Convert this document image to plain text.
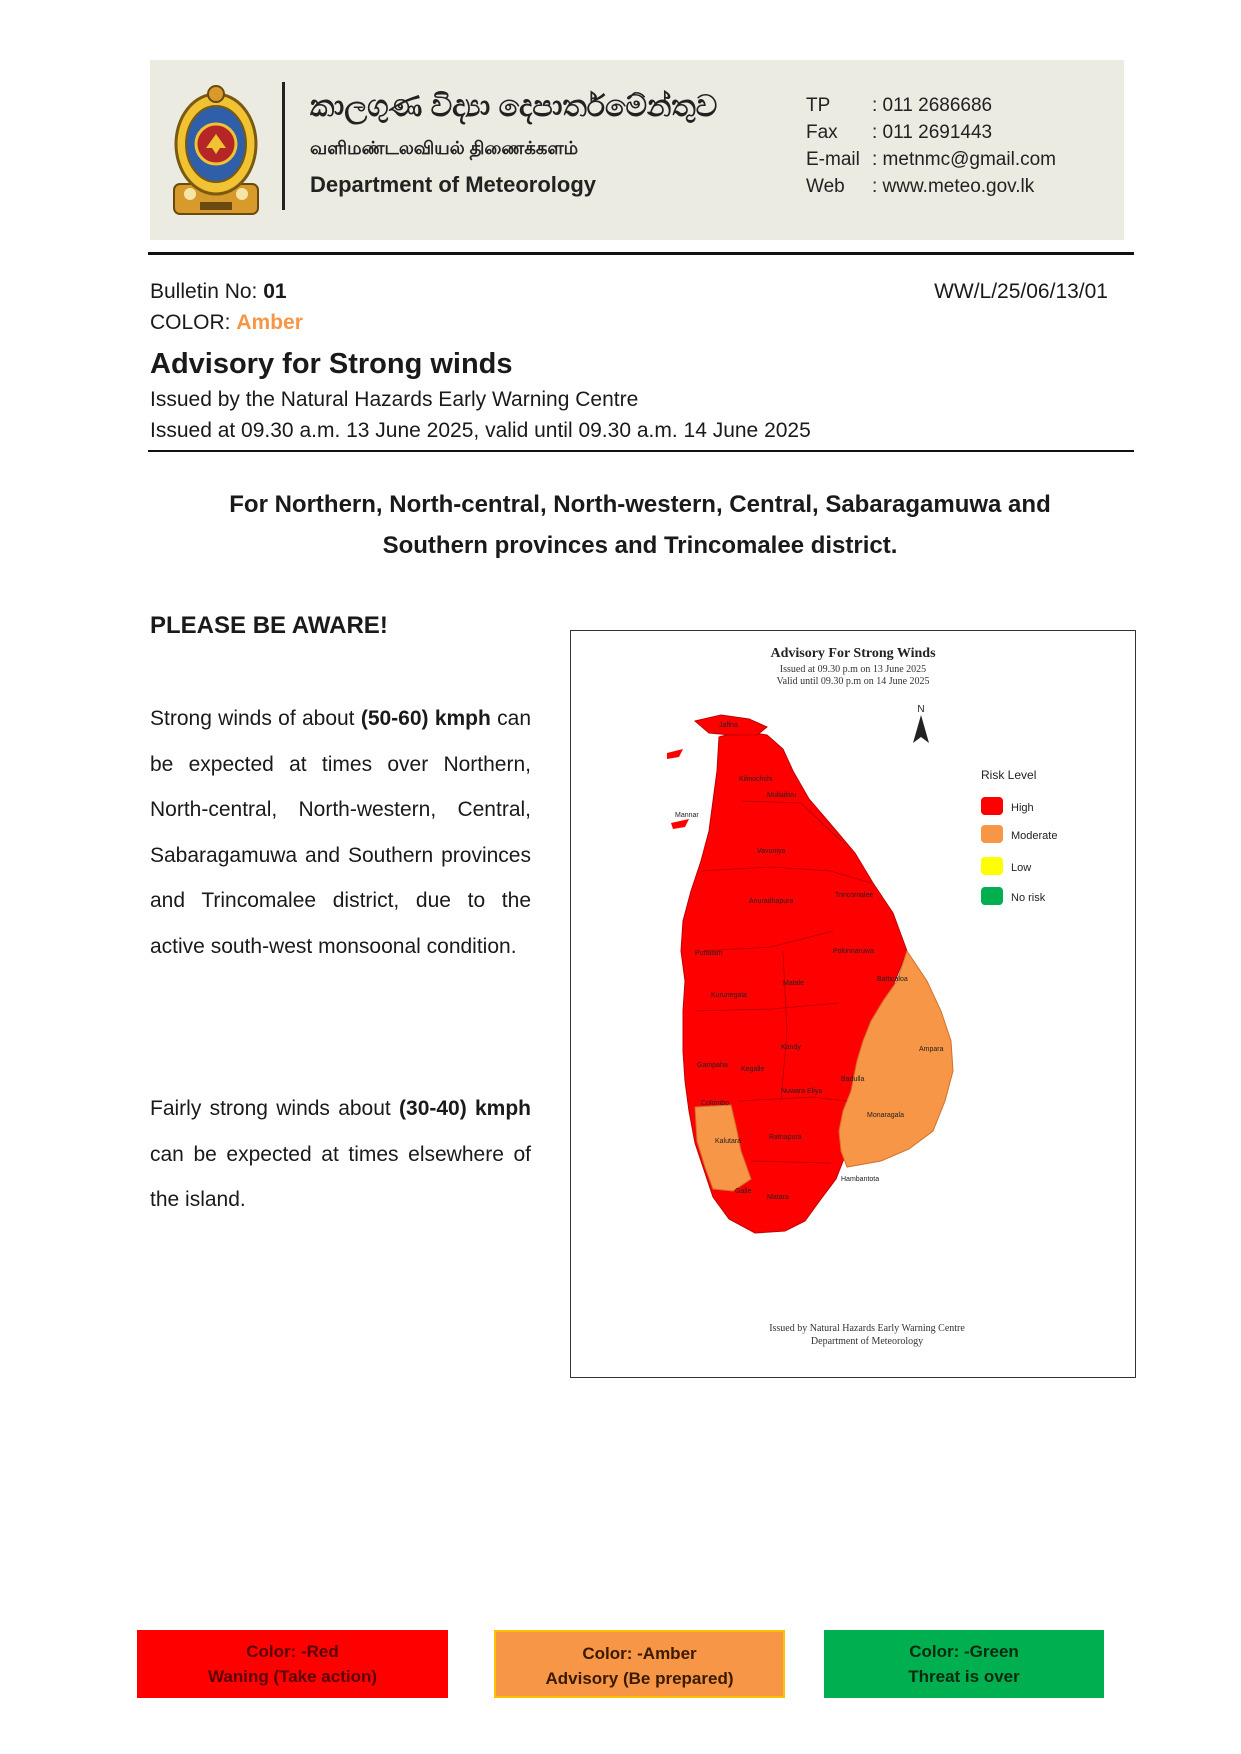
කාලගුණ විද්‍යා දෙපාර්තමේන්තුව
வளிமண்டலவியல் திணைக்களம்
Department of Meteorology
TP	: 011 2686686
Fax	: 011 2691443
E-mail : metnmc@gmail.com
Web	: www.meteo.gov.lk
Bulletin No: 01
COLOR: Amber
WW/L/25/06/13/01
Advisory for Strong winds
Issued by the Natural Hazards Early Warning Centre
Issued at 09.30 a.m. 13 June 2025, valid until 09.30 a.m. 14 June 2025
For Northern, North-central, North-western, Central, Sabaragamuwa and
Southern provinces and Trincomalee district.
PLEASE BE AWARE!
Strong winds of about (50-60) kmph can be expected at times over Northern, North-central, North-western, Central, Sabaragamuwa and Southern provinces and Trincomalee district, due to the active south-west monsoonal condition.
Fairly strong winds about (30-40) kmph can be expected at times elsewhere of the island.
Advisory For Strong Winds
Issued at 09.30 p.m on 13 June 2025
Valid until 09.30 p.m on 14 June 2025
N
Jaffna
Kilinochchi
Mannar
Mullaitivu
Vavuniya
Anuradhapura
Trincomalee
Polonnaruwa
Puttalam
Kurunegala
Matale
Batticaloa
Ampara
Kandy
Gampaha
Kegalle
Nuwara Eliya
Badulla
Colombo
Monaragala
Kalutara
Ratnapura
Hambantota
Galle
Matara
Risk Level
High
Moderate
Low
No risk
Issued by Natural Hazards Early Warning Centre
Department of Meteorology
Color: -Red
Waning (Take action)
Color: -Amber
Advisory (Be prepared)
Color: -Green
Threat is over
